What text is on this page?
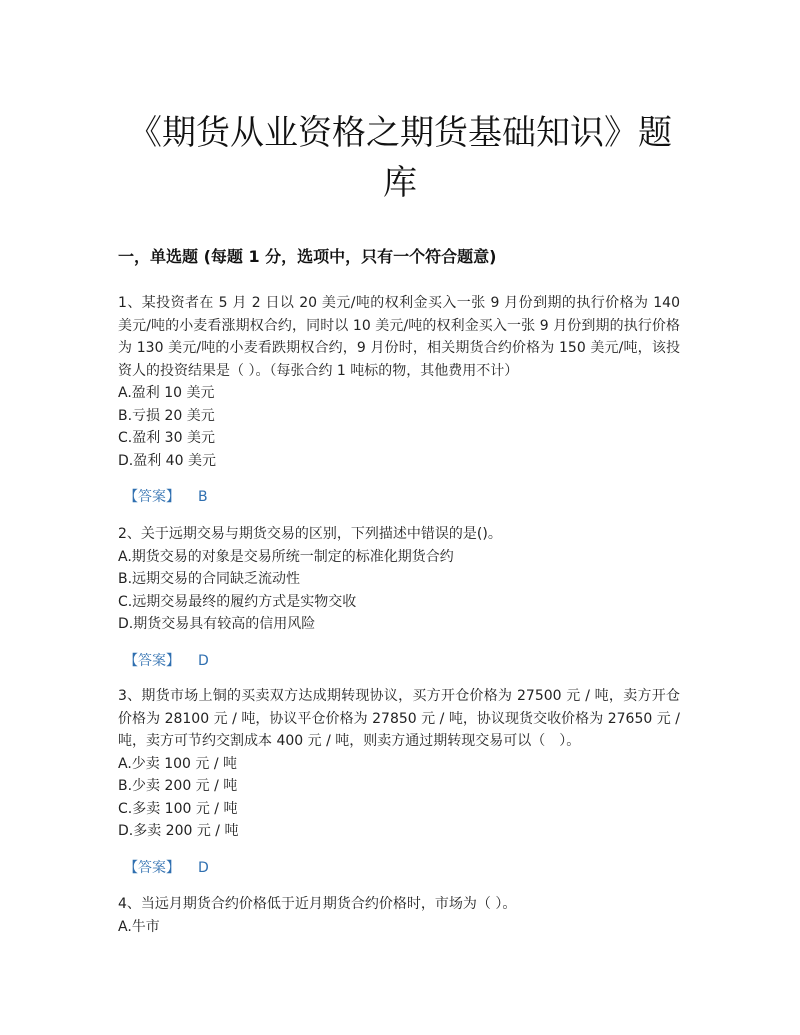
《期货从业资格之期货基础知识》题
库
一，单选题 (每题 1 分，选项中，只有一个符合题意)

1、某投资者在 5 月 2 日以 20 美元/吨的权利金买入一张 9 月份到期的执行价格为 140 美元/吨的小麦看涨期权合约，同时以 10 美元/吨的权利金买入一张 9 月份到期的执行价格为 130 美元/吨的小麦看跌期权合约，9 月份时，相关期货合约价格为 150 美元/吨，该投资人的投资结果是（ ）。（每张合约 1 吨标的物，其他费用不计）

A.盈利 10 美元

B.亏损 20 美元

C.盈利 30 美元

D.盈利 40 美元

【答案】 B

2、关于远期交易与期货交易的区别，下列描述中错误的是()。

A.期货交易的对象是交易所统一制定的标准化期货合约

B.远期交易的合同缺乏流动性

C.远期交易最终的履约方式是实物交收

D.期货交易具有较高的信用风险

【答案】 D

3、期货市场上铜的买卖双方达成期转现协议，买方开仓价格为 27500 元 / 吨，卖方开仓价格为 28100 元 / 吨，协议平仓价格为 27850 元 / 吨，协议现货交收价格为 27650 元 / 吨，卖方可节约交割成本 400 元 / 吨，则卖方通过期转现交易可以（　）。

A.少卖 100 元 / 吨

B.少卖 200 元 / 吨

C.多卖 100 元 / 吨

D.多卖 200 元 / 吨

【答案】 D

4、当远月期货合约价格低于近月期货合约价格时，市场为（ ）。

A.牛市
